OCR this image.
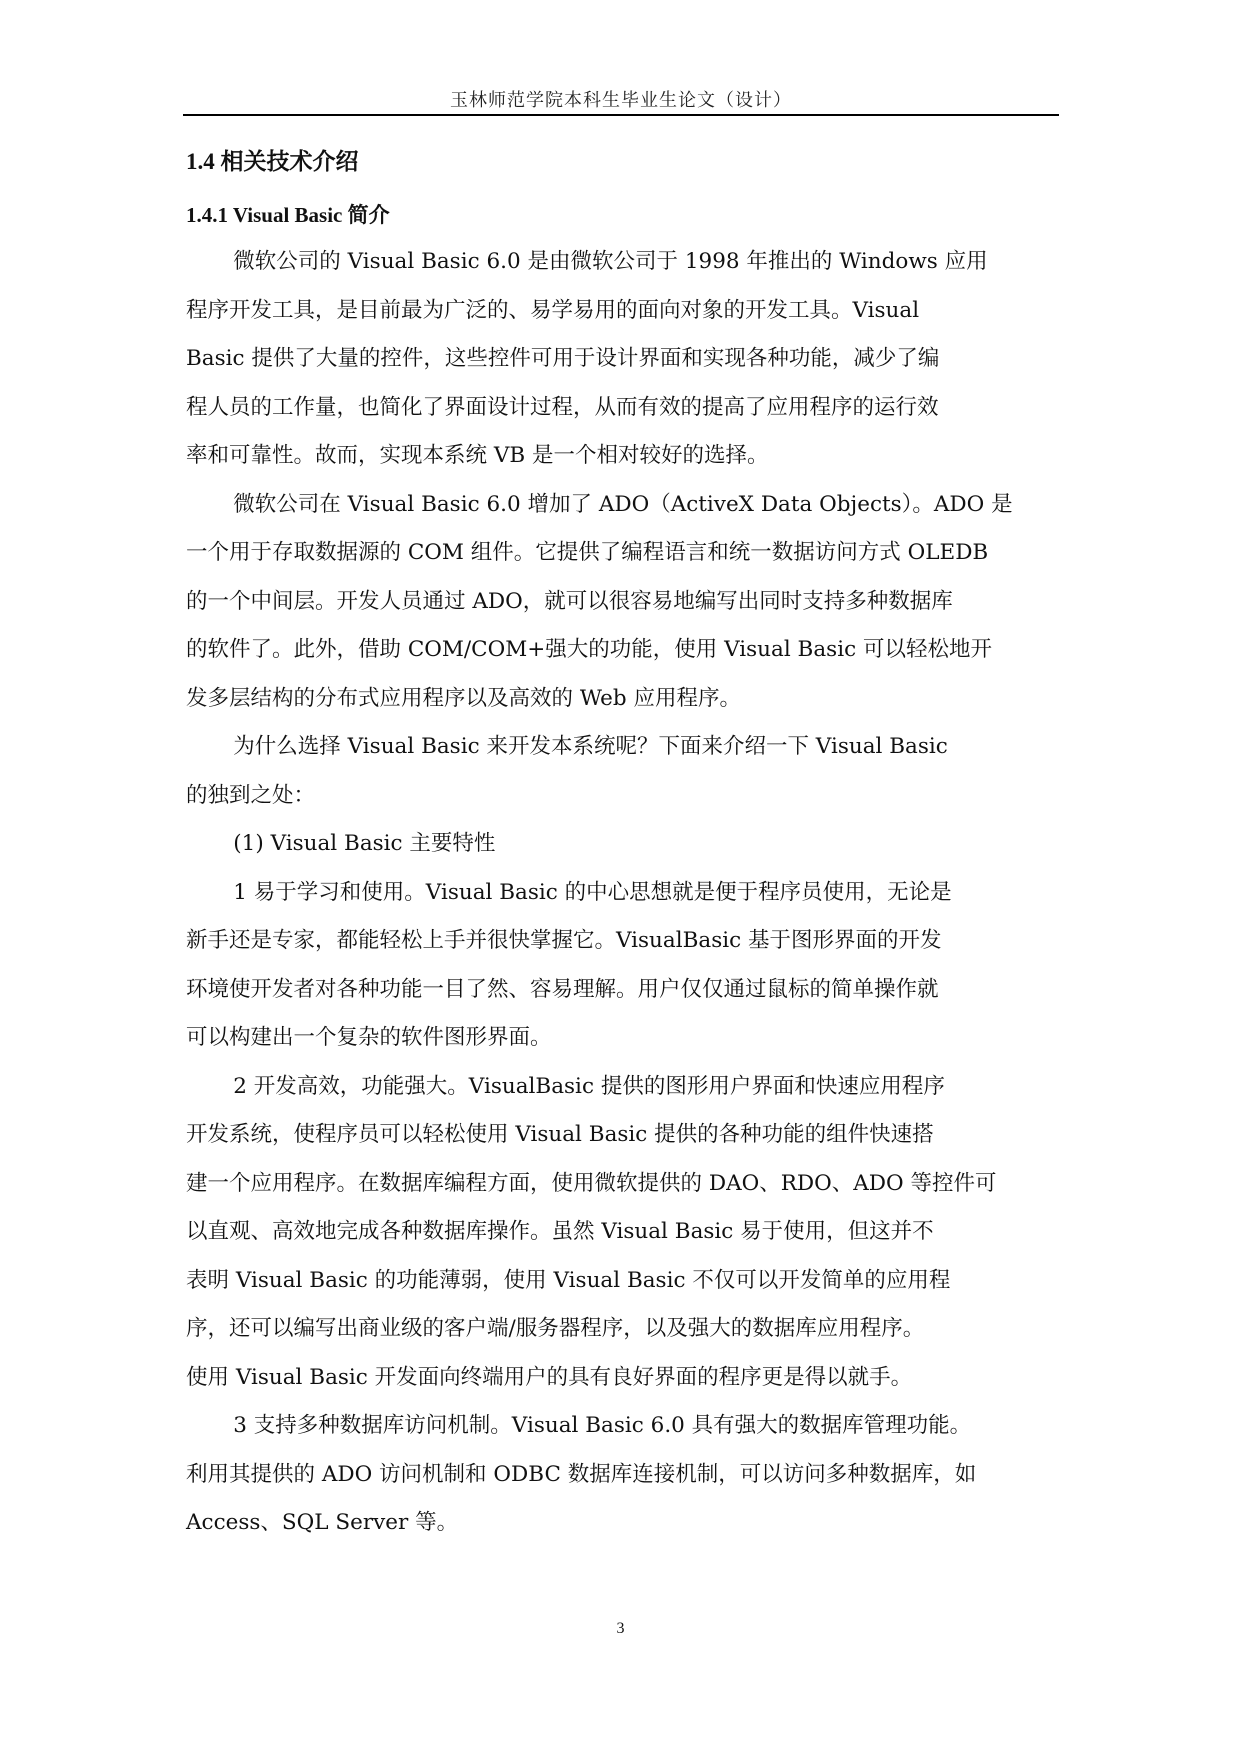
玉林师范学院本科生毕业生论文（设计）
1.4 相关技术介绍
1.4.1 Visual Basic 简介
微软公司的 Visual Basic 6.0 是由微软公司于 1998 年推出的 Windows 应用
程序开发工具，是目前最为广泛的、易学易用的面向对象的开发工具。Visual
Basic 提供了大量的控件，这些控件可用于设计界面和实现各种功能，减少了编
程人员的工作量，也简化了界面设计过程，从而有效的提高了应用程序的运行效
率和可靠性。故而，实现本系统 VB 是一个相对较好的选择。
微软公司在 Visual Basic 6.0 增加了 ADO（ActiveX Data Objects）。ADO 是
一个用于存取数据源的 COM 组件。它提供了编程语言和统一数据访问方式 OLEDB
的一个中间层。开发人员通过 ADO，就可以很容易地编写出同时支持多种数据库
的软件了。此外，借助 COM/COM+强大的功能，使用 Visual Basic 可以轻松地开
发多层结构的分布式应用程序以及高效的 Web 应用程序。
为什么选择 Visual Basic 来开发本系统呢？下面来介绍一下 Visual Basic
的独到之处：
(1) Visual Basic 主要特性
1 易于学习和使用。Visual Basic 的中心思想就是便于程序员使用，无论是
新手还是专家，都能轻松上手并很快掌握它。VisualBasic 基于图形界面的开发
环境使开发者对各种功能一目了然、容易理解。用户仅仅通过鼠标的简单操作就
可以构建出一个复杂的软件图形界面。
2 开发高效，功能强大。VisualBasic 提供的图形用户界面和快速应用程序
开发系统，使程序员可以轻松使用 Visual Basic 提供的各种功能的组件快速搭
建一个应用程序。在数据库编程方面，使用微软提供的 DAO、RDO、ADO 等控件可
以直观、高效地完成各种数据库操作。虽然 Visual Basic 易于使用，但这并不
表明 Visual Basic 的功能薄弱，使用 Visual Basic 不仅可以开发简单的应用程
序，还可以编写出商业级的客户端/服务器程序，以及强大的数据库应用程序。
使用 Visual Basic 开发面向终端用户的具有良好界面的程序更是得以就手。
3 支持多种数据库访问机制。Visual Basic 6.0 具有强大的数据库管理功能。
利用其提供的 ADO 访问机制和 ODBC 数据库连接机制，可以访问多种数据库，如
Access、SQL Server 等。
3
